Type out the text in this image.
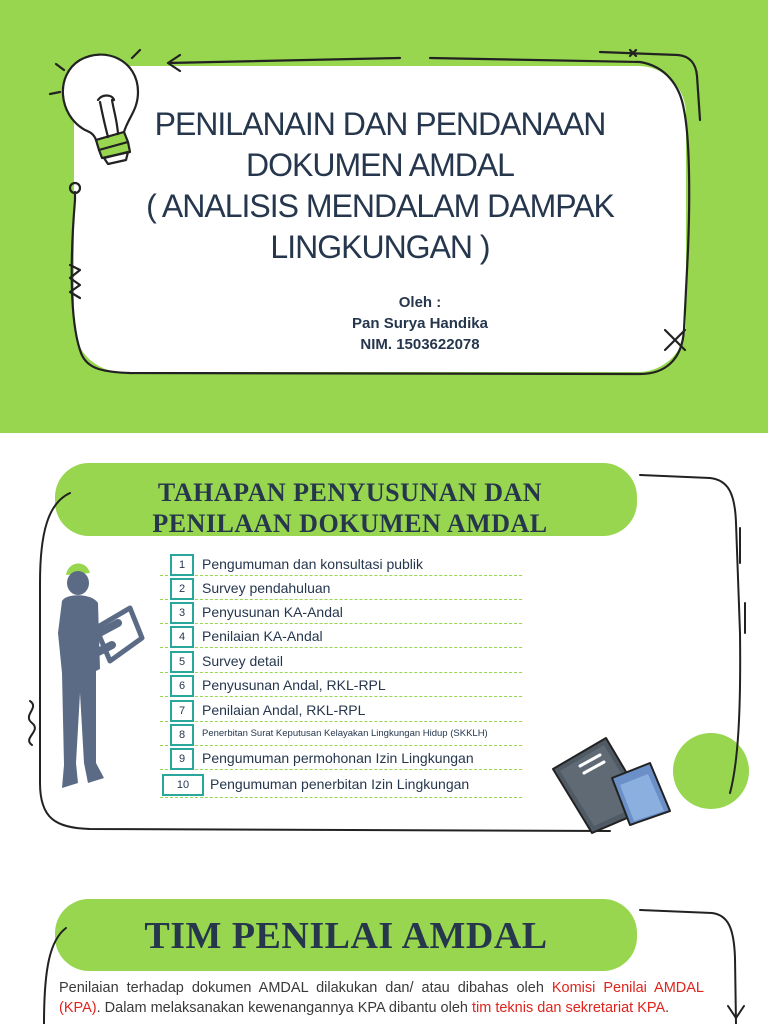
PENILANAIN DAN PENDANAAN
DOKUMEN AMDAL
( ANALISIS MENDALAM DAMPAK
LINGKUNGAN )
Oleh :
Pan Surya Handika
NIM. 1503622078
TAHAPAN PENYUSUNAN DAN
PENILAAN DOKUMEN AMDAL
1	Pengumuman dan konsultasi publik
2	Survey pendahuluan
3	Penyusunan KA-Andal
4	Penilaian KA-Andal
5	Survey detail
6	Penyusunan Andal, RKL-RPL
7	Penilaian Andal, RKL-RPL
8	Penerbitan Surat Keputusan Kelayakan Lingkungan Hidup (SKKLH)
9	Pengumuman permohonan Izin Lingkungan
10	Pengumuman penerbitan Izin Lingkungan
TIM PENILAI AMDAL
Penilaian terhadap dokumen AMDAL dilakukan dan/ atau dibahas oleh Komisi Penilai AMDAL (KPA). Dalam melaksanakan kewenangannya KPA dibantu oleh tim teknis dan sekretariat KPA.
